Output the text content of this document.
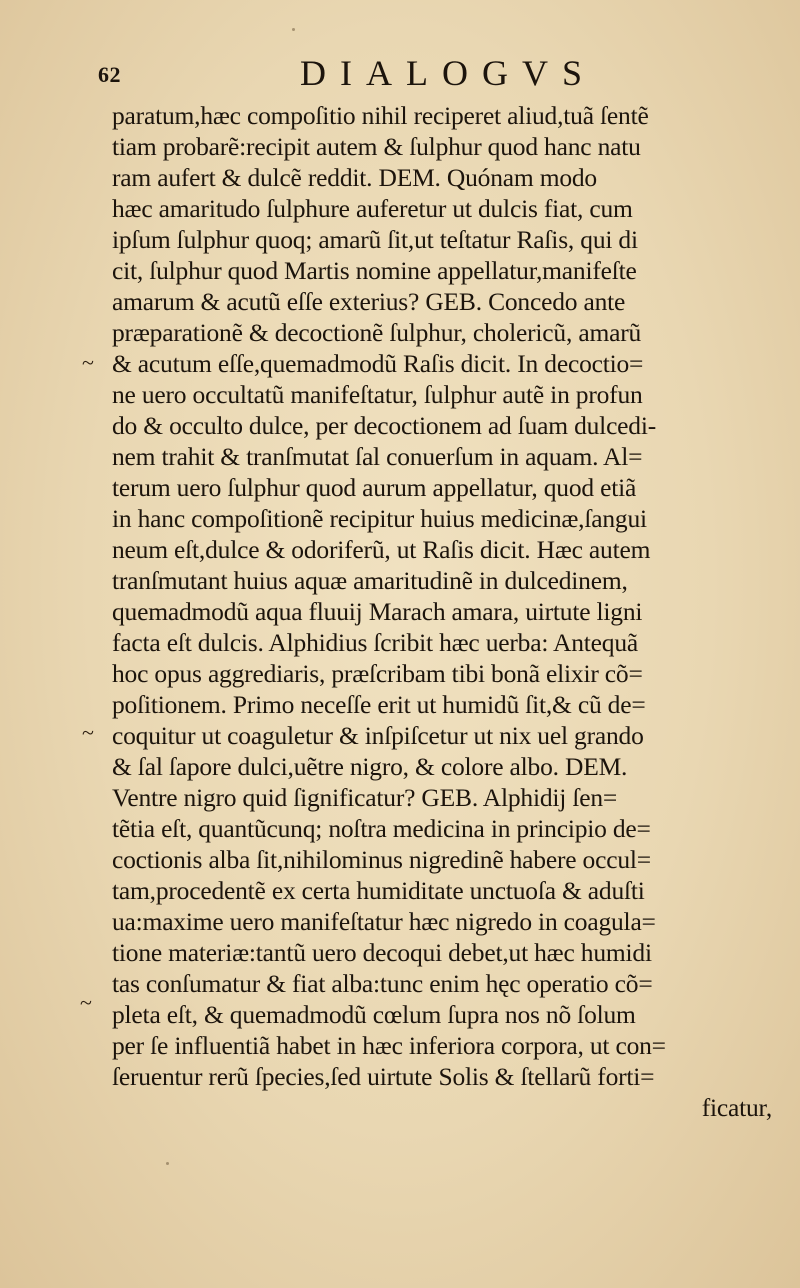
62	DIALOGVS
~
~
~
paratum,hæc compoſitio nihil reciperet aliud,tuã ſentẽ
tiam probarẽ:recipit autem & ſulphur quod hanc natu
ram aufert & dulcẽ reddit. DEM. Quónam modo
hæc amaritudo ſulphure auferetur ut dulcis fiat, cum
ipſum ſulphur quoq; amarũ ſit,ut teſtatur Raſis, qui di
cit, ſulphur quod Martis nomine appellatur,manifeſte
amarum & acutũ eſſe exterius? GEB. Concedo ante
præparationẽ & decoctionẽ ſulphur, cholericũ, amarũ
& acutum eſſe,quemadmodũ Raſis dicit. In decoctio=
ne uero occultatũ manifeſtatur, ſulphur autẽ in profun
do & occulto dulce, per decoctionem ad ſuam dulcedi-
nem trahit & tranſmutat ſal conuerſum in aquam. Al=
terum uero ſulphur quod aurum appellatur, quod etiã
in hanc compoſitionẽ recipitur huius medicinæ,ſangui
neum eſt,dulce & odoriferũ, ut Raſis dicit. Hæc autem
tranſmutant huius aquæ amaritudinẽ in dulcedinem,
quemadmodũ aqua fluuij Marach amara, uirtute ligni
facta eſt dulcis. Alphidius ſcribit hæc uerba: Antequã
hoc opus aggrediaris, præſcribam tibi bonã elixir cõ=
poſitionem. Primo neceſſe erit ut humidũ ſit,& cũ de=
coquitur ut coaguletur & inſpiſcetur ut nix uel grando
& ſal ſapore dulci,uẽtre nigro, & colore albo. DEM.
Ventre nigro quid ſignificatur? GEB. Alphidij ſen=
tẽtia eſt, quantũcunq; noſtra medicina in principio de=
coctionis alba ſit,nihilominus nigredinẽ habere occul=
tam,procedentẽ ex certa humiditate unctuoſa & aduſti
ua:maxime uero manifeſtatur hæc nigredo in coagula=
tione materiæ:tantũ uero decoqui debet,ut hæc humidi
tas conſumatur & fiat alba:tunc enim hęc operatio cõ=
pleta eſt, & quemadmodũ cœlum ſupra nos nõ ſolum
per ſe influentiã habet in hæc inferiora corpora, ut con=
ſeruentur rerũ ſpecies,ſed uirtute Solis & ſtellarũ forti=
ficatur,
